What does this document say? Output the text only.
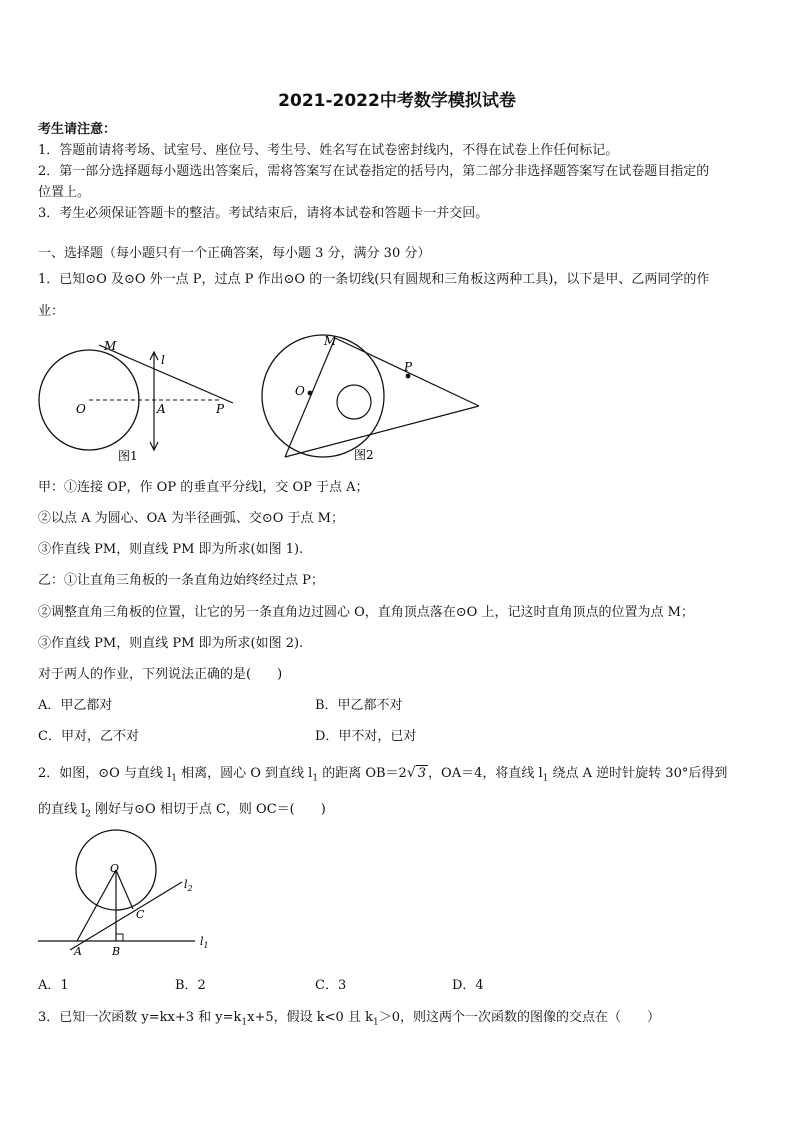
2021-2022中考数学模拟试卷
考生请注意：
1．答题前请将考场、试室号、座位号、考生号、姓名写在试卷密封线内，不得在试卷上作任何标记。
2．第一部分选择题每小题选出答案后，需将答案写在试卷指定的括号内，第二部分非选择题答案写在试卷题目指定的
位置上。
3．考生必须保证答题卡的整洁。考试结束后，请将本试卷和答题卡一并交回。
一、选择题（每小题只有一个正确答案，每小题 3 分，满分 30 分）
1．已知⊙O 及⊙O 外一点 P，过点 P 作出⊙O 的一条切线(只有圆规和三角板这两种工具)，以下是甲、乙两同学的作
业：
M
l
O	A	P
图1
M
O
P
图2
甲：①连接 OP，作 OP 的垂直平分线l，交 OP 于点 A；
②以点 A 为圆心、OA 为半径画弧、交⊙O 于点 M；
③作直线 PM，则直线 PM 即为所求(如图 1).
乙：①让直角三角板的一条直角边始终经过点 P；
②调整直角三角板的位置，让它的另一条直角边过圆心 O，直角顶点落在⊙O 上，记这时直角顶点的位置为点 M；
③作直线 PM，则直线 PM 即为所求(如图 2).
对于两人的作业，下列说法正确的是(　　)
A．甲乙都对	B．甲乙都不对
C．甲对，乙不对	D．甲不对，已对
2．如图，⊙O 与直线 $l_1$ 相离，圆心 O 到直线 $l_1$ 的距离 OB＝2√ 3 ，OA＝4，将直线 $l_1$ 绕点 A 逆时针旋转 30°后得到
的直线 $l_2$ 刚好与⊙O 相切于点 C，则 OC＝(　　)
O
C
A	B
$l_2$
$l_1$
A．1	B．2	C．3	D．4
3．已知一次函数 y=kx+3 和 $y=k_1x+5$，假设 k<0 且 $k_1>0$，则这两个一次函数的图像的交点在（　　）
